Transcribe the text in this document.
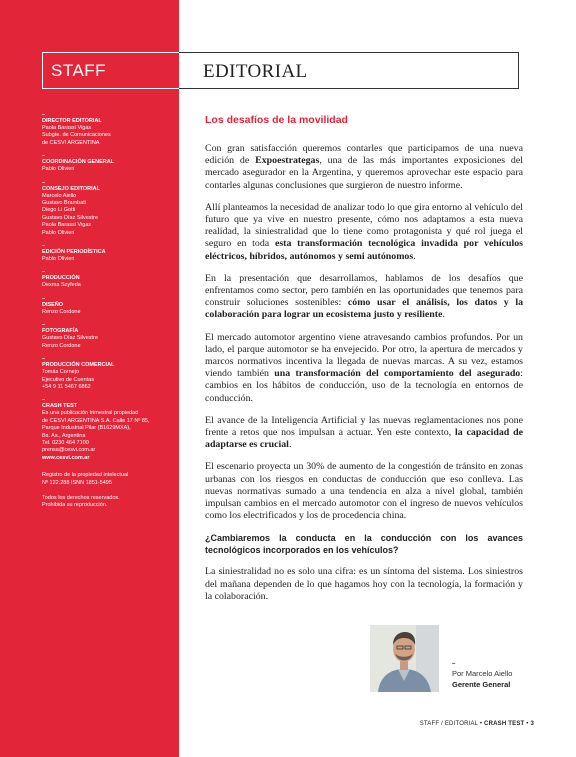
STAFF	EDITORIAL
–
DIRECTOR EDITORIAL
Paola Barassi Vigas
Subgte. de Comunicaciones
de CESVI ARGENTINA
–
COORDINACIÓN GENERAL
Pablo Olivieri
–
CONSEJO EDITORIAL
Marcelo Aiello
Gustavo Brambati
Diego Li Gotti
Gustavo Díaz Silvestre
Paola Barassi Vigas
Pablo Olivieri
–
EDICIÓN PERIODÍSTICA
Pablo Olivieri
–
PRODUCCIÓN
Dexma Szyfeda
–
DISEÑO
Renzo Cordone
–
FOTOGRAFÍA
Gustavo Díaz Silvestre
Renzo Cordone
–
PRODUCCIÓN COMERCIAL
Tomás Cornejo
Ejecutivo de Cuentas
+54 9 11 5467 6862
–
CRASH TEST
Es una publicación trimestral propiedad
de CESVI ARGENTINA S.A. Calle 17 Nº 85,
Parque Industrial Pilar (B1629MXA),
Bs. As., Argentina
Tel. 0230 464 7100
prensa@cesvi.com.ar
www.cesvi.com.ar
Registro de la propiedad intelectual
Nº 122.288 ISNN 1851-5495
Todos los derechos reservados.
Prohibida su reproducción.
Los desafíos de la movilidad

Con gran satisfacción queremos contarles que participamos de una nueva edición de Expoestrategas, una de las más importantes exposiciones del mercado asegurador en la Argentina, y queremos aprovechar este espacio para contarles algunas conclusiones que surgieron de nuestro informe.

Allí planteamos la necesidad de analizar todo lo que gira entorno al vehículo del futuro que ya vive en nuestro presente, cómo nos adaptamos a esta nueva realidad, la siniestralidad que lo tiene como protagonista y qué rol juega el seguro en toda esta transformación tecnológica invadida por vehículos eléctricos, híbridos, autónomos y semi autónomos.

En la presentación que desarrollamos, hablamos de los desafíos que enfrentamos como sector, pero también en las oportunidades que tenemos para construir soluciones sostenibles: cómo usar el análisis, los datos y la colaboración para lograr un ecosistema justo y resiliente.

El mercado automotor argentino viene atravesando cambios profundos. Por un lado, el parque automotor se ha envejecido. Por otro, la apertura de mercados y marcos normativos incentiva la llegada de nuevas marcas. A su vez, estamos viendo también una transformación del comportamiento del asegurado: cambios en los hábitos de conducción, uso de la tecnología en entornos de conducción.

El avance de la Inteligencia Artificial y las nuevas reglamentaciones nos pone frente a retos que nos impulsan a actuar. Yen este contexto, la capacidad de adaptarse es crucial.

El escenario proyecta un 30% de aumento de la congestión de tránsito en zonas urbanas con los riesgos en conductas de conducción que eso conlleva. Las nuevas normativas sumado a una tendencia en alza a nivel global, también impulsan cambios en el mercado automotor con el ingreso de nuevos vehículos como los electrificados y los de procedencia china.

¿Cambiaremos la conducta en la conducción con los avances tecnológicos incorporados en los vehículos?

La siniestralidad no es solo una cifra: es un síntoma del sistema. Los siniestros del mañana dependen de lo que hagamos hoy con la tecnología, la formación y la colaboración.

–
Por Marcelo Aiello
Gerente General
STAFF / EDITORIAL • CRASH TEST • 3
